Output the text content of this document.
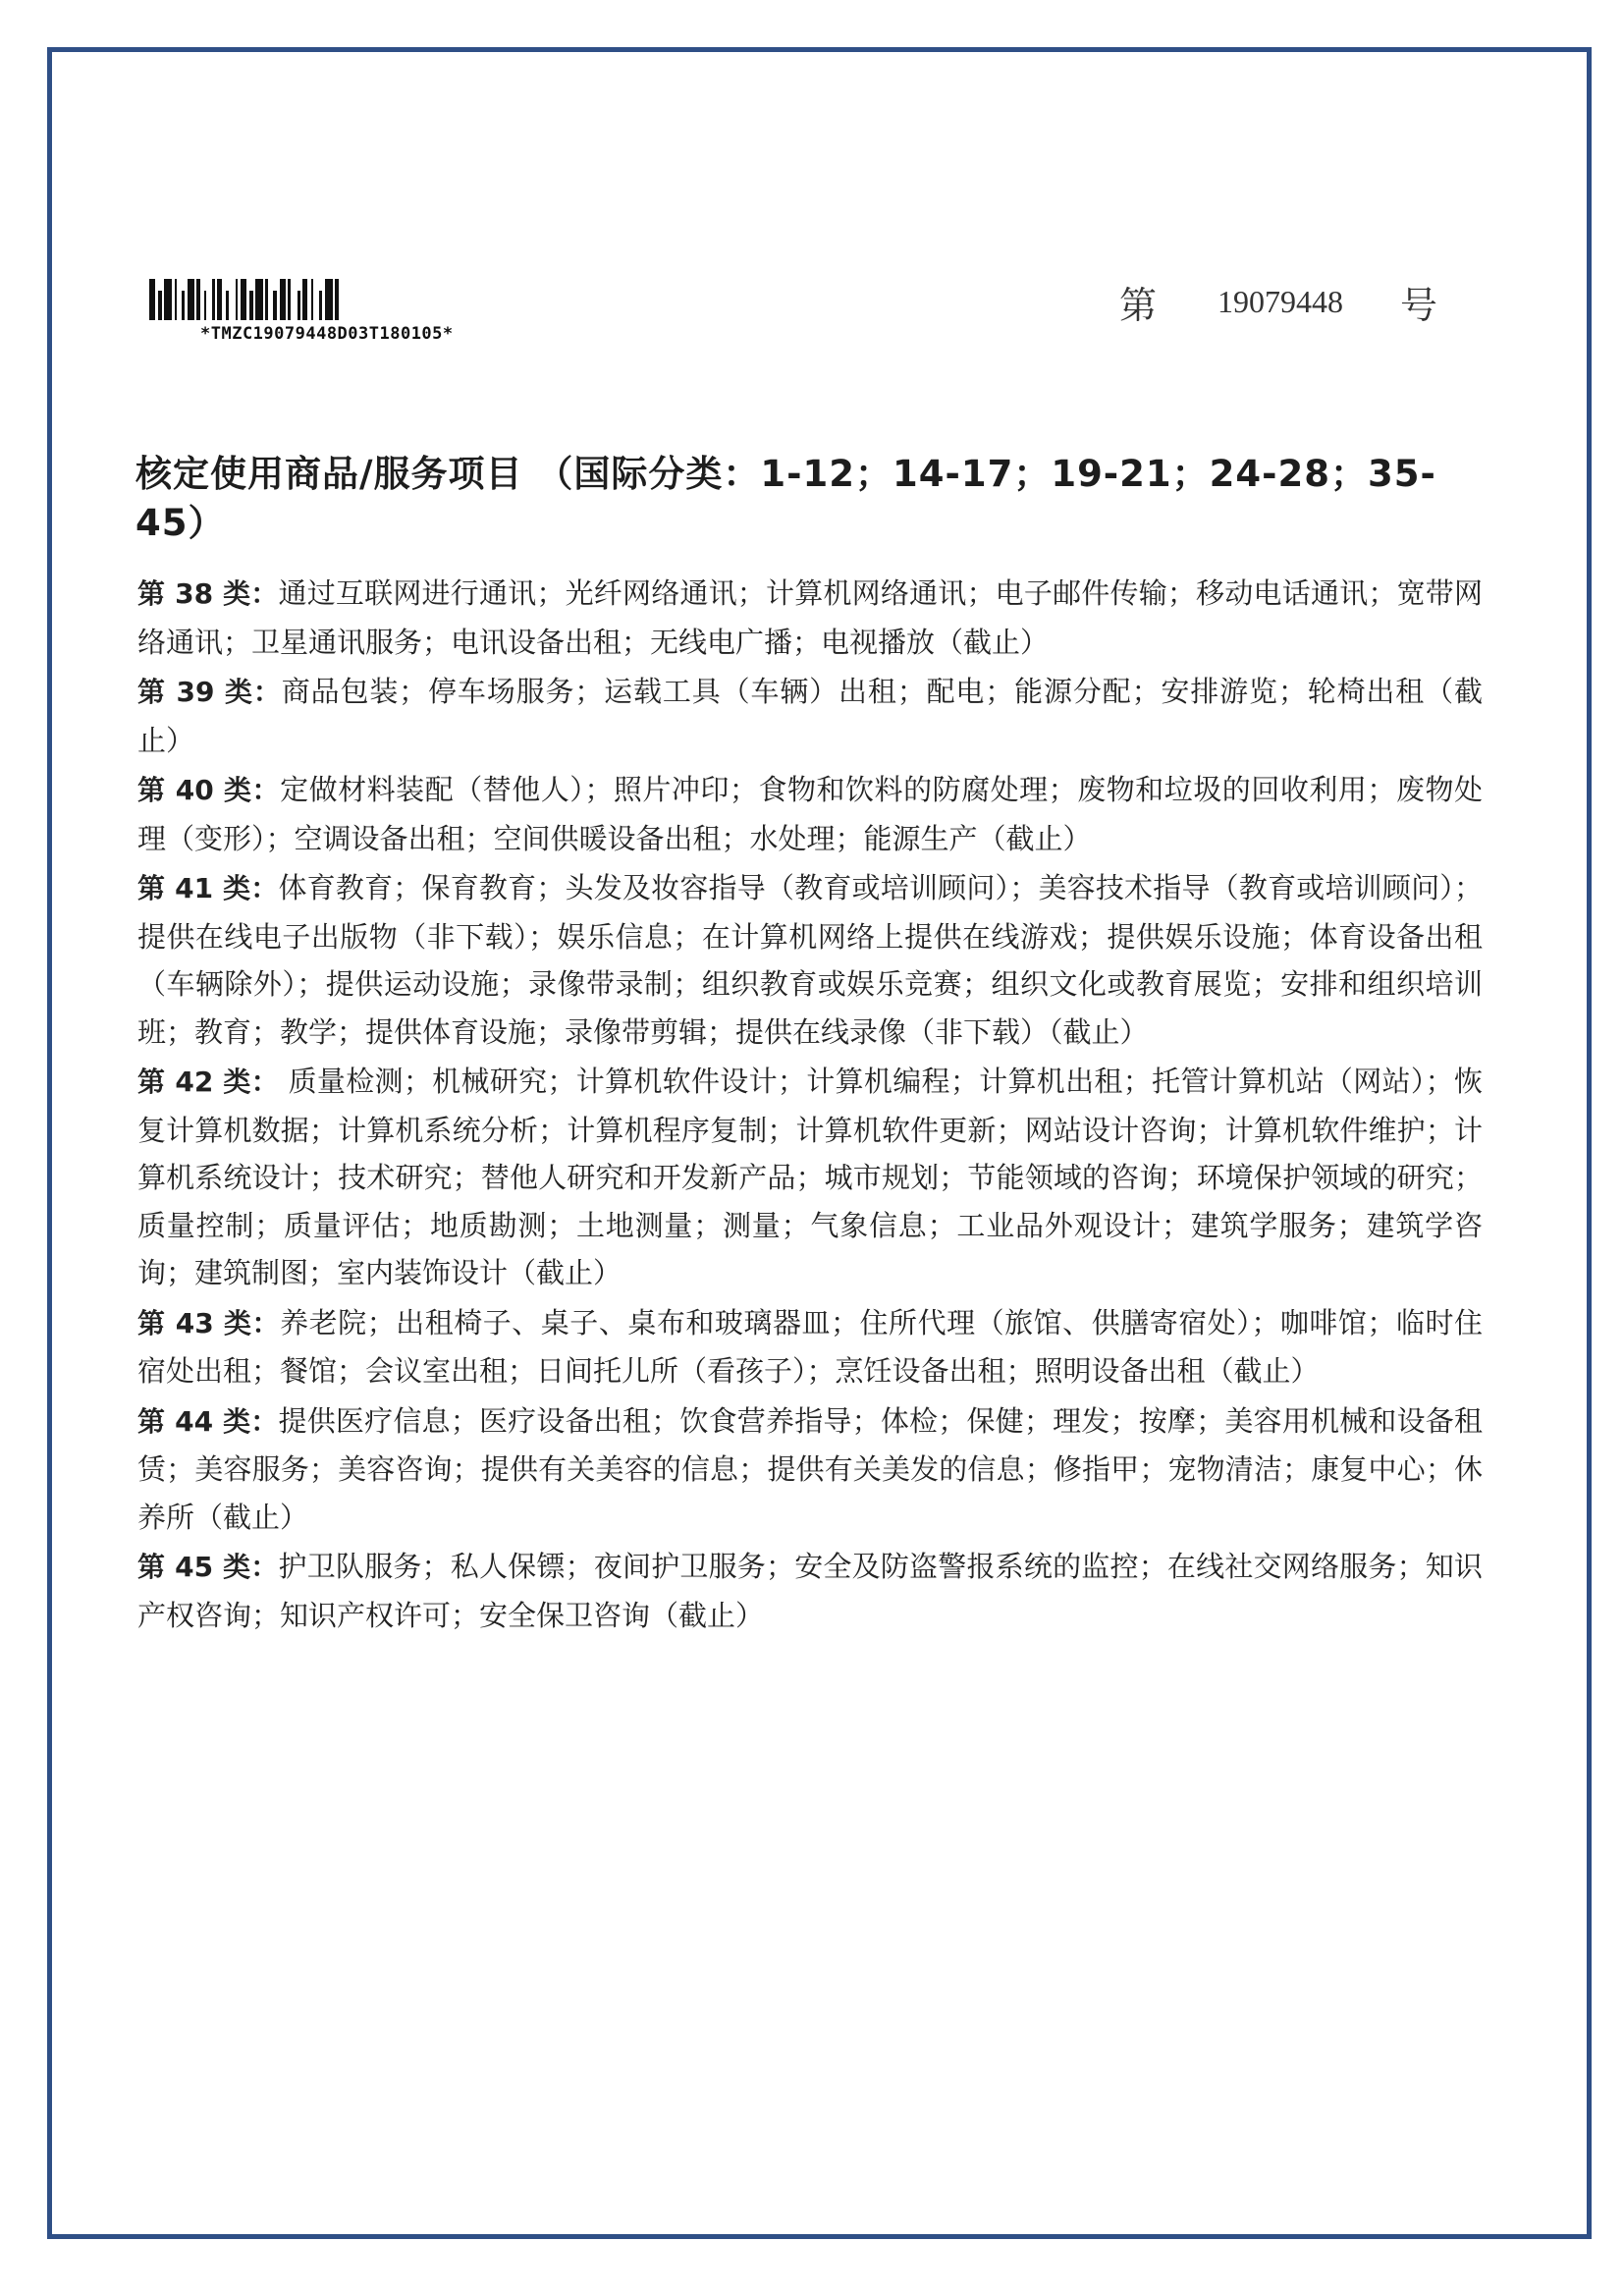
*TMZC19079448D03T180105*
第 19079448 号
核定使用商品/服务项目 （国际分类：1-12；14-17；19-21；24-28；35-45）

第 38 类：通过互联网进行通讯；光纤网络通讯；计算机网络通讯；电子邮件传输；移动电话通讯；宽带网络通讯；卫星通讯服务；电讯设备出租；无线电广播；电视播放（截止）

第 39 类：商品包装；停车场服务；运载工具（车辆）出租；配电；能源分配；安排游览；轮椅出租（截止）

第 40 类：定做材料装配（替他人）；照片冲印；食物和饮料的防腐处理；废物和垃圾的回收利用；废物处理（变形）；空调设备出租；空间供暖设备出租；水处理；能源生产（截止）

第 41 类：体育教育；保育教育；头发及妆容指导（教育或培训顾问）；美容技术指导（教育或培训顾问）；提供在线电子出版物（非下载）；娱乐信息；在计算机网络上提供在线游戏；提供娱乐设施；体育设备出租（车辆除外）；提供运动设施；录像带录制；组织教育或娱乐竞赛；组织文化或教育展览；安排和组织培训班；教育；教学；提供体育设施；录像带剪辑；提供在线录像（非下载）（截止）

第 42 类： 质量检测；机械研究；计算机软件设计；计算机编程；计算机出租；托管计算机站（网站）；恢复计算机数据；计算机系统分析；计算机程序复制；计算机软件更新；网站设计咨询；计算机软件维护；计算机系统设计；技术研究；替他人研究和开发新产品；城市规划；节能领域的咨询；环境保护领域的研究；质量控制；质量评估；地质勘测；土地测量；测量；气象信息；工业品外观设计；建筑学服务；建筑学咨询；建筑制图；室内装饰设计（截止）

第 43 类：养老院；出租椅子、桌子、桌布和玻璃器皿；住所代理（旅馆、供膳寄宿处）；咖啡馆；临时住宿处出租；餐馆；会议室出租；日间托儿所（看孩子）；烹饪设备出租；照明设备出租（截止）

第 44 类：提供医疗信息；医疗设备出租；饮食营养指导；体检；保健；理发；按摩；美容用机械和设备租赁；美容服务；美容咨询；提供有关美容的信息；提供有关美发的信息；修指甲；宠物清洁；康复中心；休养所（截止）

第 45 类：护卫队服务；私人保镖；夜间护卫服务；安全及防盗警报系统的监控；在线社交网络服务；知识产权咨询；知识产权许可；安全保卫咨询（截止）
